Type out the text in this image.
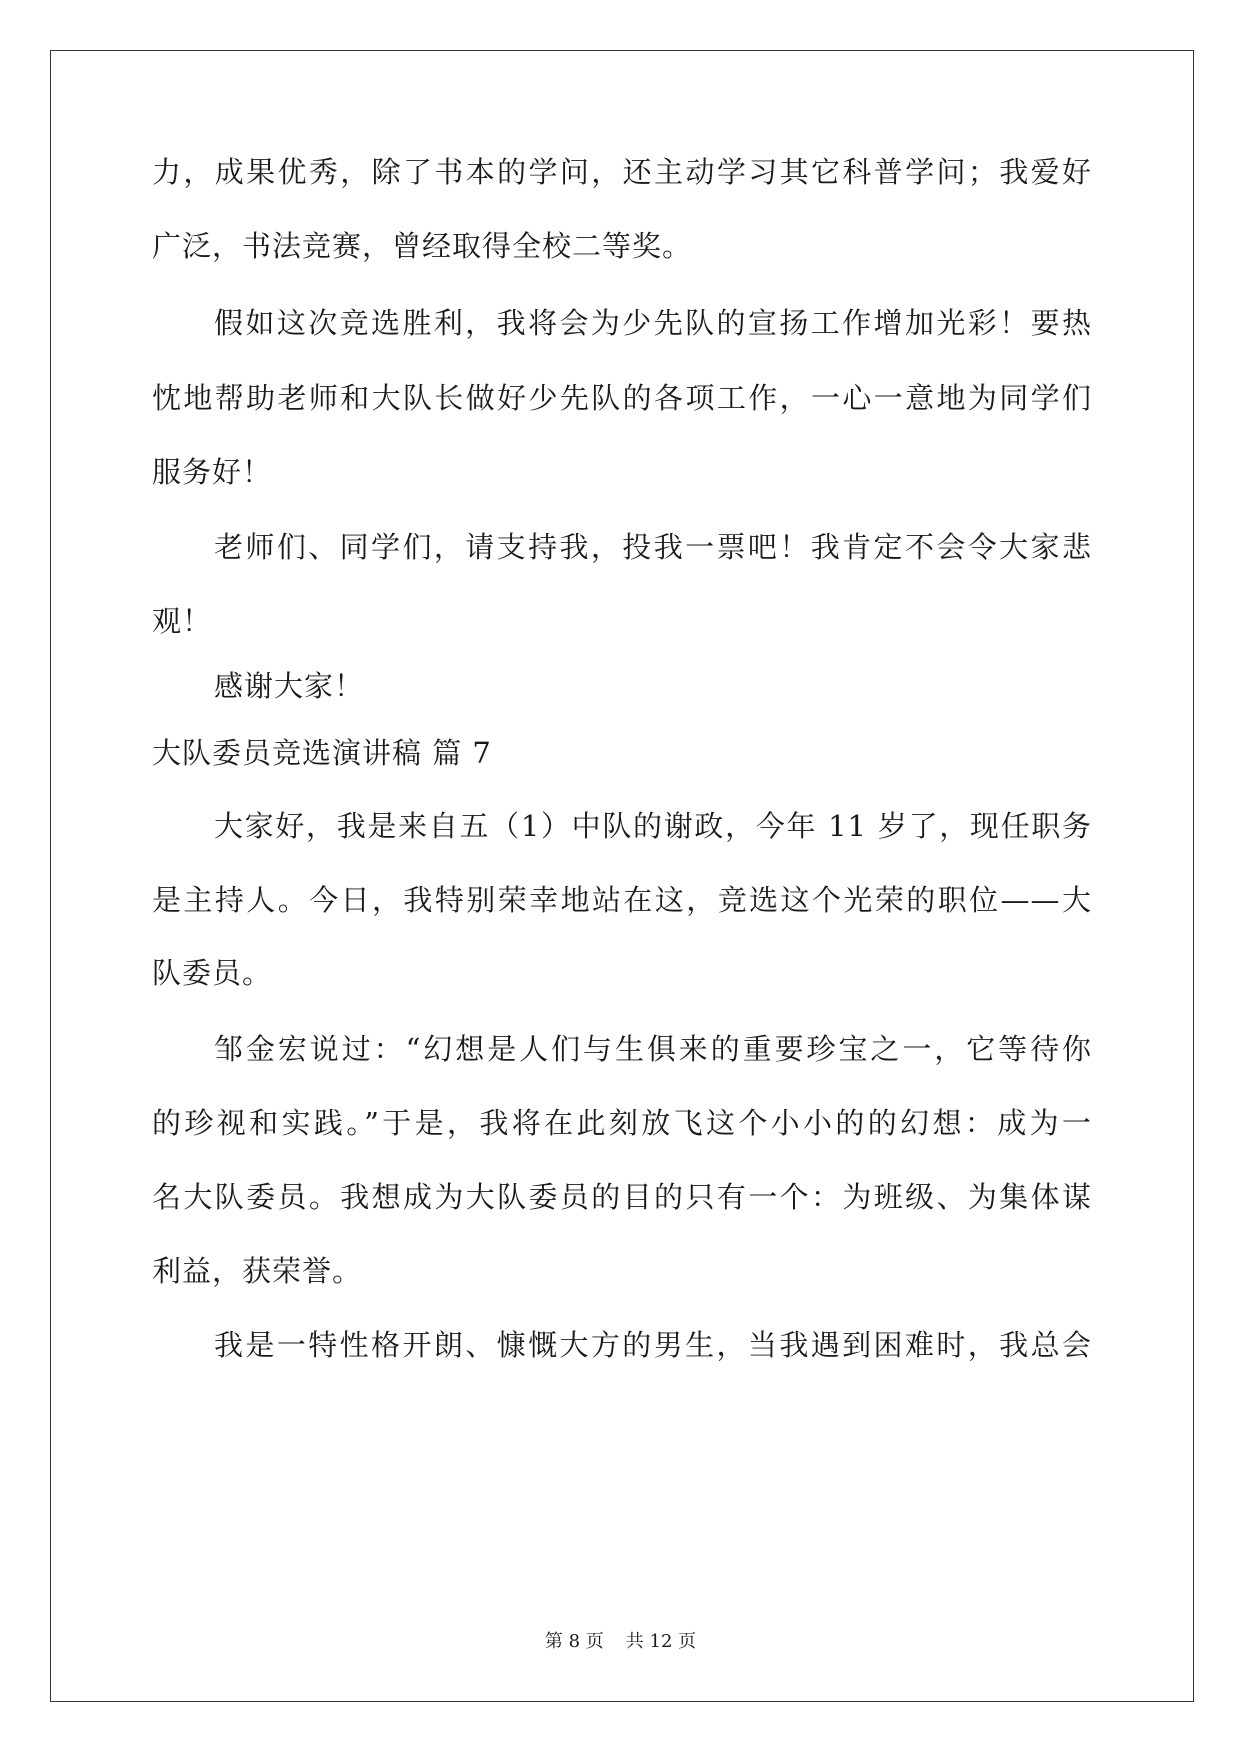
力，成果优秀，除了书本的学问，还主动学习其它科普学问；我爱好
广泛，书法竞赛，曾经取得全校二等奖。
假如这次竞选胜利，我将会为少先队的宣扬工作增加光彩！要热
忱地帮助老师和大队长做好少先队的各项工作，一心一意地为同学们
服务好！
老师们、同学们，请支持我，投我一票吧！我肯定不会令大家悲
观！
感谢大家！
大队委员竞选演讲稿 篇 7
大家好，我是来自五（1）中队的谢政，今年 11 岁了，现任职务
是主持人。今日，我特别荣幸地站在这，竞选这个光荣的职位——大
队委员。
邹金宏说过：“幻想是人们与生俱来的重要珍宝之一，它等待你
的珍视和实践。”于是，我将在此刻放飞这个小小的的幻想：成为一
名大队委员。我想成为大队委员的目的只有一个：为班级、为集体谋
利益，获荣誉。
我是一特性格开朗、慷慨大方的男生，当我遇到困难时，我总会
第 8 页 共 12 页
